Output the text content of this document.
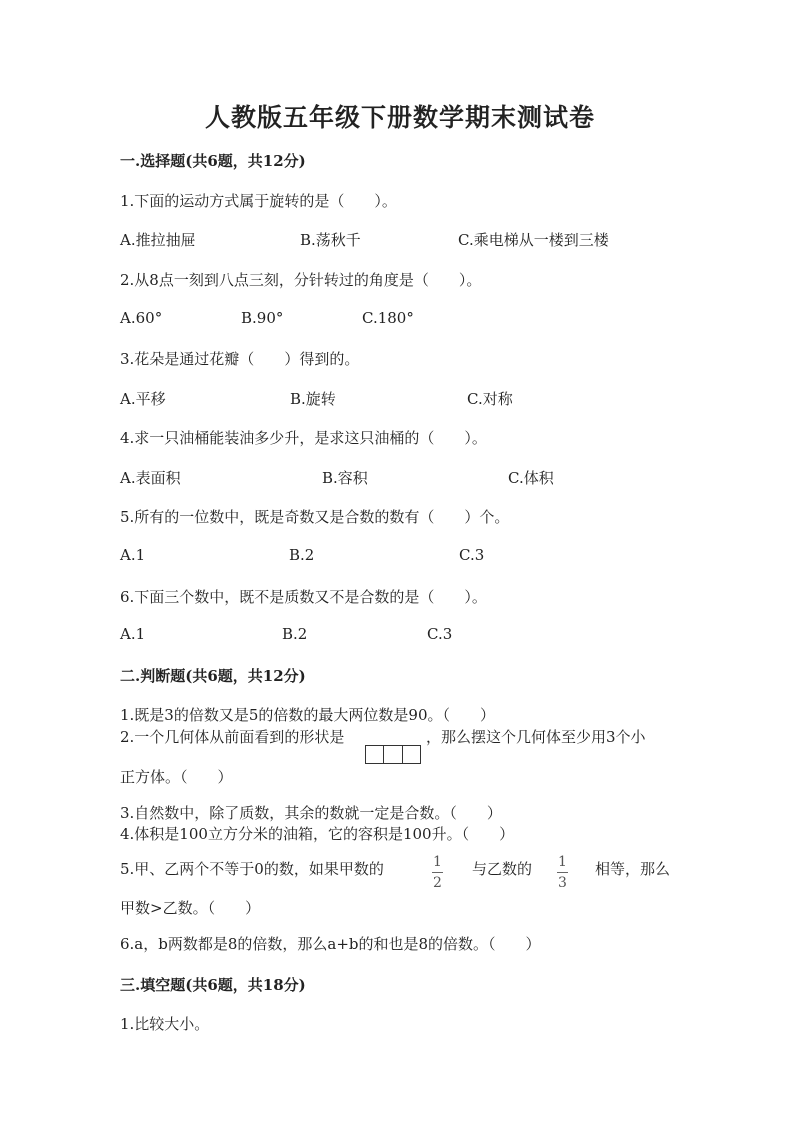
人教版五年级下册数学期末测试卷
一.选择题(共6题，共12分)
1.下面的运动方式属于旋转的是（　　）。
A.推拉抽屉	B.荡秋千	C.乘电梯从一楼到三楼
2.从8点一刻到八点三刻，分针转过的角度是（　　）。
A.60°	B.90°	C.180°
3.花朵是通过花瓣（　　）得到的。
A.平移	B.旋转	C.对称
4.求一只油桶能装油多少升，是求这只油桶的（　　）。
A.表面积	B.容积	C.体积
5.所有的一位数中，既是奇数又是合数的数有（　　）个。
A.1	B.2	C.3
6.下面三个数中，既不是质数又不是合数的是（　　）。
A.1	B.2	C.3
二.判断题(共6题，共12分)
1.既是3的倍数又是5的倍数的最大两位数是90。（　　）
2.一个几何体从前面看到的形状是	，那么摆这个几何体至少用3个小
正方体。（　　）
3.自然数中，除了质数，其余的数就一定是合数。（　　）
4.体积是100立方分米的油箱，它的容积是100升。（　　）
5.甲、乙两个不等于0的数，如果甲数的	$\frac{1}{2}$ 与乙数的 $\frac{1}{3}$ 相等，那么
甲数>乙数。（　　）
6.a，b两数都是8的倍数，那么a+b的和也是8的倍数。（　　）
三.填空题(共6题，共18分)
1.比较大小。
